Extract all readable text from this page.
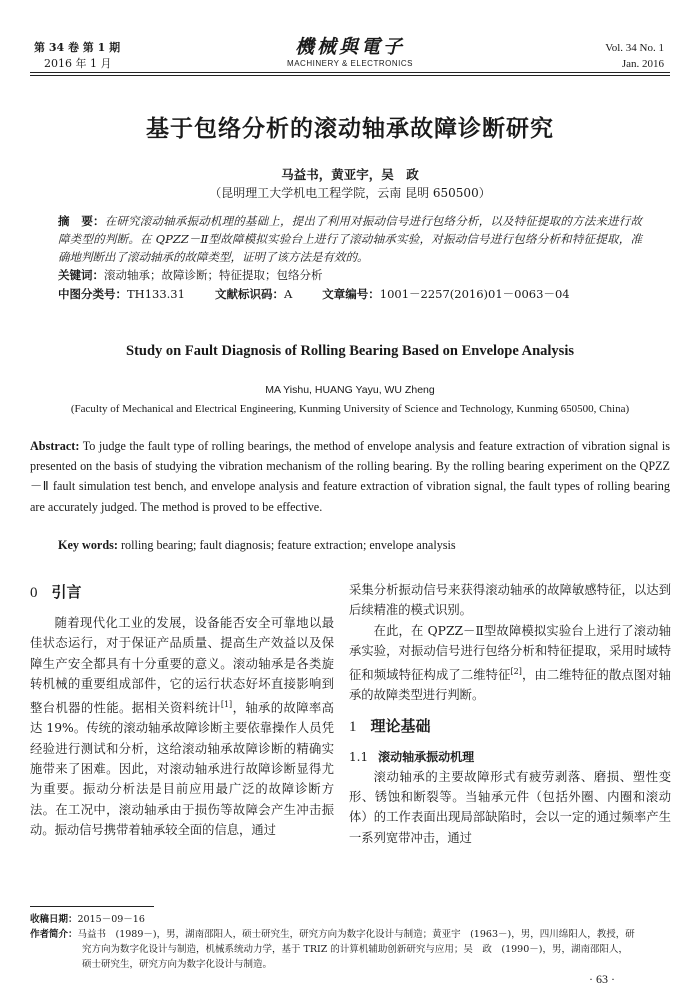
第 34 卷 第 1 期
2016 年 1 月
機械與電子
MACHINERY & ELECTRONICS
Vol. 34 No. 1
Jan. 2016
基于包络分析的滚动轴承故障诊断研究
马益书，黄亚宇，吴　政
（昆明理工大学机电工程学院，云南 昆明 650500）
摘　要：在研究滚动轴承振动机理的基础上，提出了利用对振动信号进行包络分析，以及特征提取的方法来进行故障类型的判断。在 QPZZ－Ⅱ型故障模拟实验台上进行了滚动轴承实验，对振动信号进行包络分析和特征提取，准确地判断出了滚动轴承的故障类型，证明了该方法是有效的。
关键词：滚动轴承；故障诊断；特征提取；包络分析
中图分类号：TH133.31	文献标识码：A	文章编号：1001－2257(2016)01－0063－04
Study on Fault Diagnosis of Rolling Bearing Based on Envelope Analysis
MA Yishu, HUANG Yayu, WU Zheng
(Faculty of Mechanical and Electrical Engineering, Kunming University of Science and Technology, Kunming 650500, China)
Abstract: To judge the fault type of rolling bearings, the method of envelope analysis and feature extraction of vibration signal is presented on the basis of studying the vibration mechanism of the rolling bearing. By the rolling bearing experiment on the QPZZ－Ⅱ fault simulation test bench, and envelope analysis and feature extraction of vibration signal, the fault types of rolling bearing are accurately judged. The method is proved to be effective.
Key words: rolling bearing; fault diagnosis; feature extraction; envelope analysis
0 引言

随着现代化工业的发展，设备能否安全可靠地以最佳状态运行，对于保证产品质量、提高生产效益以及保障生产安全都具有十分重要的意义。滚动轴承是各类旋转机械的重要组成部件，它的运行状态好坏直接影响到整台机器的性能。据相关资料统计[1]，轴承的故障率高达 19%。传统的滚动轴承故障诊断主要依靠操作人员凭经验进行测试和分析，这给滚动轴承故障诊断的精确实施带来了困难。因此，对滚动轴承进行故障诊断显得尤为重要。振动分析法是目前应用最广泛的故障诊断方法。在工况中，滚动轴承由于损伤等故障会产生冲击振动。振动信号携带着轴承较全面的信息，通过

采集分析振动信号来获得滚动轴承的故障敏感特征，以达到后续精准的模式识别。

在此，在 QPZZ－Ⅱ型故障模拟实验台上进行了滚动轴承实验，对振动信号进行包络分析和特征提取，采用时域特征和频域特征构成了二维特征[2]，由二维特征的散点图对轴承的故障类型进行判断。

1 理论基础
1.1 滚动轴承振动机理

滚动轴承的主要故障形式有疲劳剥落、磨损、塑性变形、锈蚀和断裂等。当轴承元件（包括外圈、内圈和滚动体）的工作表面出现局部缺陷时，会以一定的通过频率产生一系列宽带冲击，通过

收稿日期：2015－09－16
作者简介：马益书　(1989－)，男，湖南邵阳人，硕士研究生，研究方向为数字化设计与制造；黄亚宇　(1963－)，男，四川绵阳人，教授，研
究方向为数字化设计与制造，机械系统动力学，基于 TRIZ 的计算机辅助创新研究与应用；吴　政　(1990－)，男，湖南邵阳人，
硕士研究生，研究方向为数字化设计与制造。
· 63 ·
